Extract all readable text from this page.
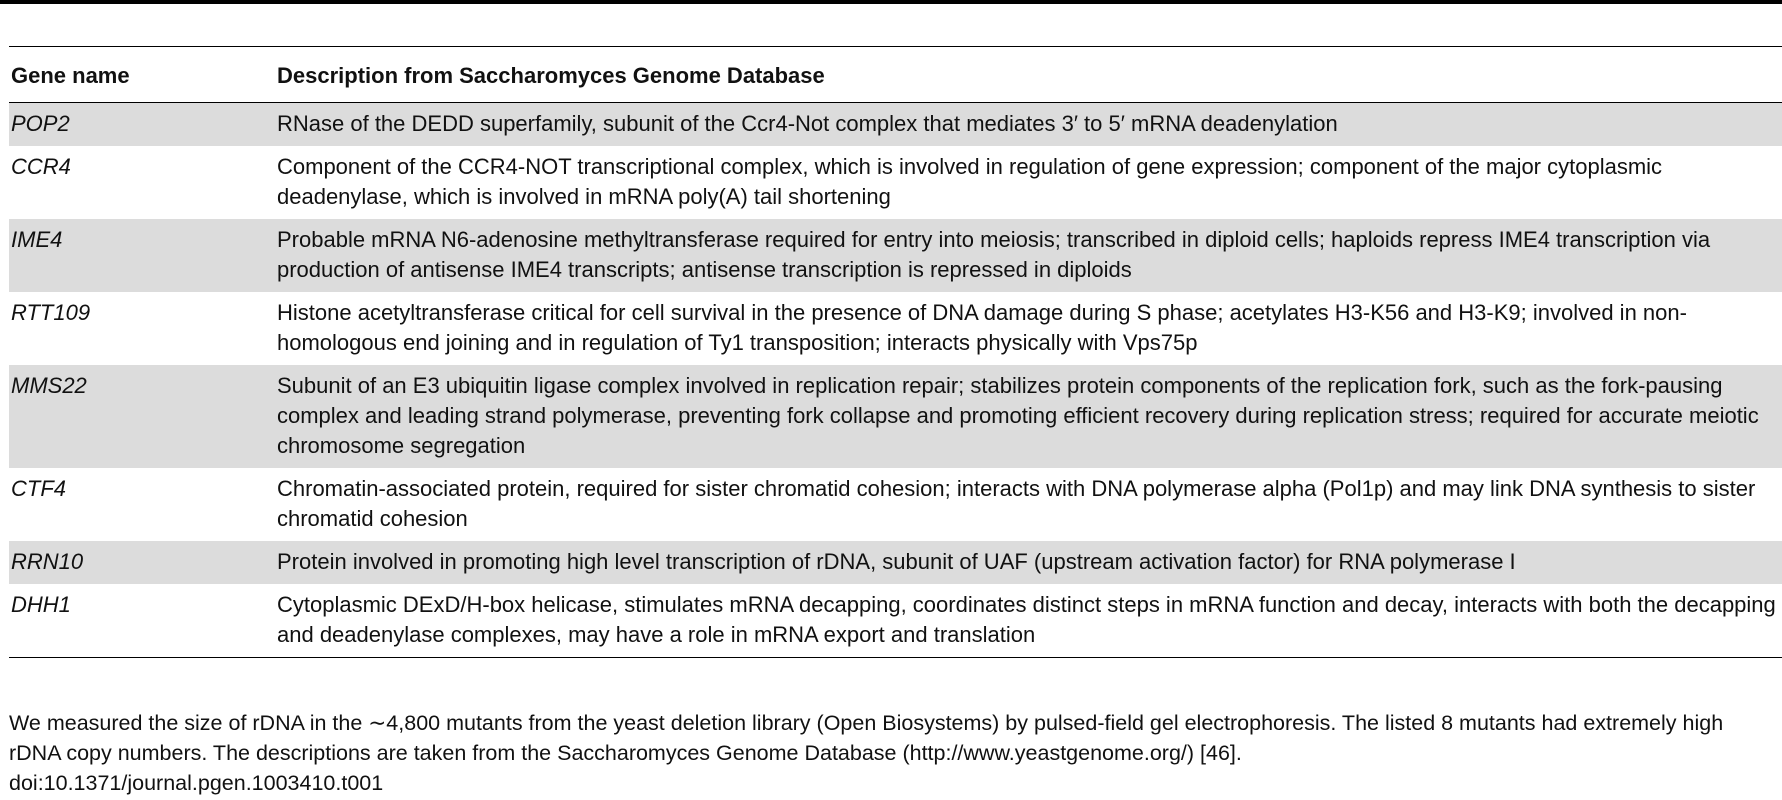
Gene name	Description from Saccharomyces Genome Database
POP2	RNase of the DEDD superfamily, subunit of the Ccr4-Not complex that mediates 3′ to 5′ mRNA deadenylation
CCR4	Component of the CCR4-NOT transcriptional complex, which is involved in regulation of gene expression; component of the major cytoplasmic deadenylase, which is involved in mRNA poly(A) tail shortening
IME4	Probable mRNA N6-adenosine methyltransferase required for entry into meiosis; transcribed in diploid cells; haploids repress IME4 transcription via production of antisense IME4 transcripts; antisense transcription is repressed in diploids
RTT109	Histone acetyltransferase critical for cell survival in the presence of DNA damage during S phase; acetylates H3-K56 and H3-K9; involved in non-homologous end joining and in regulation of Ty1 transposition; interacts physically with Vps75p
MMS22	Subunit of an E3 ubiquitin ligase complex involved in replication repair; stabilizes protein components of the replication fork, such as the fork-pausing complex and leading strand polymerase, preventing fork collapse and promoting efficient recovery during replication stress; required for accurate meiotic chromosome segregation
CTF4	Chromatin-associated protein, required for sister chromatid cohesion; interacts with DNA polymerase alpha (Pol1p) and may link DNA synthesis to sister chromatid cohesion
RRN10	Protein involved in promoting high level transcription of rDNA, subunit of UAF (upstream activation factor) for RNA polymerase I
DHH1	Cytoplasmic DExD/H-box helicase, stimulates mRNA decapping, coordinates distinct steps in mRNA function and decay, interacts with both the decapping and deadenylase complexes, may have a role in mRNA export and translation

We measured the size of rDNA in the ∼4,800 mutants from the yeast deletion library (Open Biosystems) by pulsed-field gel electrophoresis. The listed 8 mutants had extremely high rDNA copy numbers. The descriptions are taken from the Saccharomyces Genome Database (http://www.yeastgenome.org/) [46].

doi:10.1371/journal.pgen.1003410.t001
